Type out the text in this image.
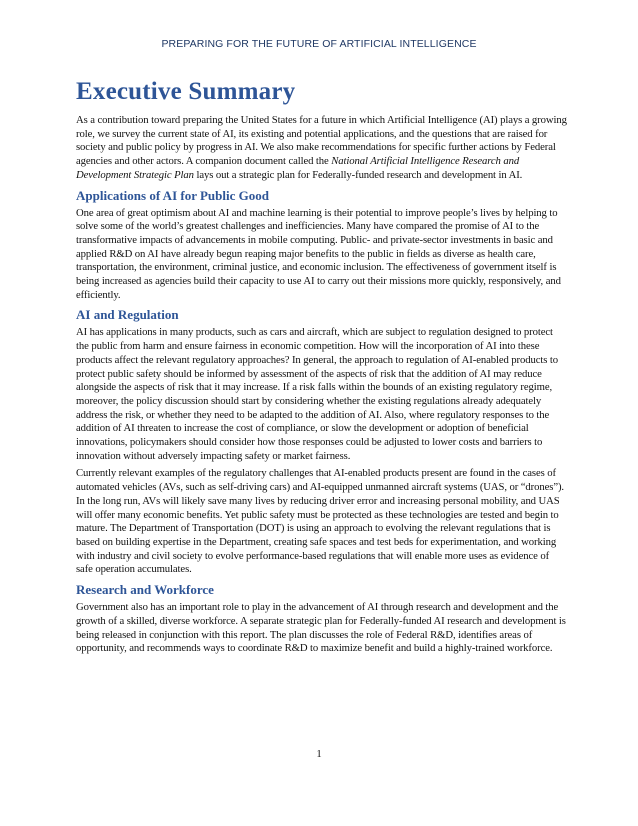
PREPARING FOR THE FUTURE OF ARTIFICIAL INTELLIGENCE
Executive Summary

As a contribution toward preparing the United States for a future in which Artificial Intelligence (AI) plays a growing role, we survey the current state of AI, its existing and potential applications, and the questions that are raised for society and public policy by progress in AI. We also make recommendations for specific further actions by Federal agencies and other actors. A companion document called the National Artificial Intelligence Research and Development Strategic Plan lays out a strategic plan for Federally-funded research and development in AI.

Applications of AI for Public Good

One area of great optimism about AI and machine learning is their potential to improve people’s lives by helping to solve some of the world’s greatest challenges and inefficiencies. Many have compared the promise of AI to the transformative impacts of advancements in mobile computing. Public- and private-sector investments in basic and applied R&D on AI have already begun reaping major benefits to the public in fields as diverse as health care, transportation, the environment, criminal justice, and economic inclusion. The effectiveness of government itself is being increased as agencies build their capacity to use AI to carry out their missions more quickly, responsively, and efficiently.

AI and Regulation

AI has applications in many products, such as cars and aircraft, which are subject to regulation designed to protect the public from harm and ensure fairness in economic competition. How will the incorporation of AI into these products affect the relevant regulatory approaches? In general, the approach to regulation of AI-enabled products to protect public safety should be informed by assessment of the aspects of risk that the addition of AI may reduce alongside the aspects of risk that it may increase. If a risk falls within the bounds of an existing regulatory regime, moreover, the policy discussion should start by considering whether the existing regulations already adequately address the risk, or whether they need to be adapted to the addition of AI. Also, where regulatory responses to the addition of AI threaten to increase the cost of compliance, or slow the development or adoption of beneficial innovations, policymakers should consider how those responses could be adjusted to lower costs and barriers to innovation without adversely impacting safety or market fairness.

Currently relevant examples of the regulatory challenges that AI-enabled products present are found in the cases of automated vehicles (AVs, such as self-driving cars) and AI-equipped unmanned aircraft systems (UAS, or “drones”). In the long run, AVs will likely save many lives by reducing driver error and increasing personal mobility, and UAS will offer many economic benefits. Yet public safety must be protected as these technologies are tested and begin to mature. The Department of Transportation (DOT) is using an approach to evolving the relevant regulations that is based on building expertise in the Department, creating safe spaces and test beds for experimentation, and working with industry and civil society to evolve performance-based regulations that will enable more uses as evidence of safe operation accumulates.

Research and Workforce

Government also has an important role to play in the advancement of AI through research and development and the growth of a skilled, diverse workforce. A separate strategic plan for Federally-funded AI research and development is being released in conjunction with this report. The plan discusses the role of Federal R&D, identifies areas of opportunity, and recommends ways to coordinate R&D to maximize benefit and build a highly-trained workforce.

1
